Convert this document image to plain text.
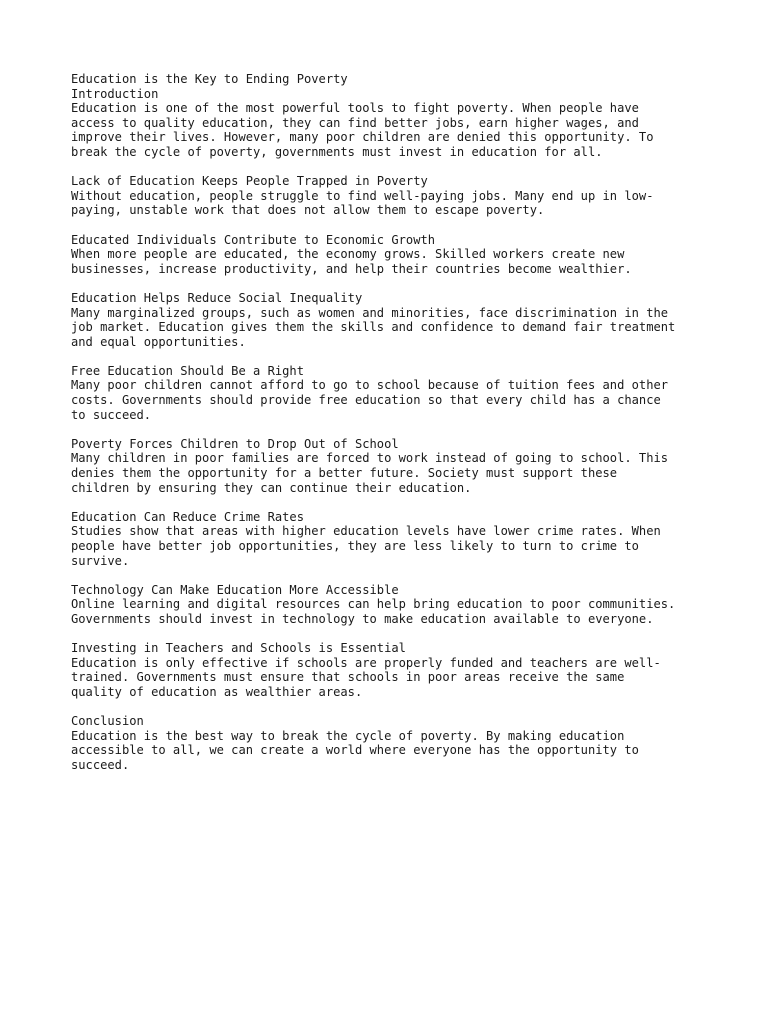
Education is the Key to Ending Poverty
Introduction
Education is one of the most powerful tools to fight poverty. When people have
access to quality education, they can find better jobs, earn higher wages, and
improve their lives. However, many poor children are denied this opportunity. To
break the cycle of poverty, governments must invest in education for all.
Lack of Education Keeps People Trapped in Poverty
Without education, people struggle to find well-paying jobs. Many end up in low-
paying, unstable work that does not allow them to escape poverty.
Educated Individuals Contribute to Economic Growth
When more people are educated, the economy grows. Skilled workers create new
businesses, increase productivity, and help their countries become wealthier.
Education Helps Reduce Social Inequality
Many marginalized groups, such as women and minorities, face discrimination in the
job market. Education gives them the skills and confidence to demand fair treatment
and equal opportunities.
Free Education Should Be a Right
Many poor children cannot afford to go to school because of tuition fees and other
costs. Governments should provide free education so that every child has a chance
to succeed.
Poverty Forces Children to Drop Out of School
Many children in poor families are forced to work instead of going to school. This
denies them the opportunity for a better future. Society must support these
children by ensuring they can continue their education.
Education Can Reduce Crime Rates
Studies show that areas with higher education levels have lower crime rates. When
people have better job opportunities, they are less likely to turn to crime to
survive.
Technology Can Make Education More Accessible
Online learning and digital resources can help bring education to poor communities.
Governments should invest in technology to make education available to everyone.
Investing in Teachers and Schools is Essential
Education is only effective if schools are properly funded and teachers are well-
trained. Governments must ensure that schools in poor areas receive the same
quality of education as wealthier areas.
Conclusion
Education is the best way to break the cycle of poverty. By making education
accessible to all, we can create a world where everyone has the opportunity to
succeed.
